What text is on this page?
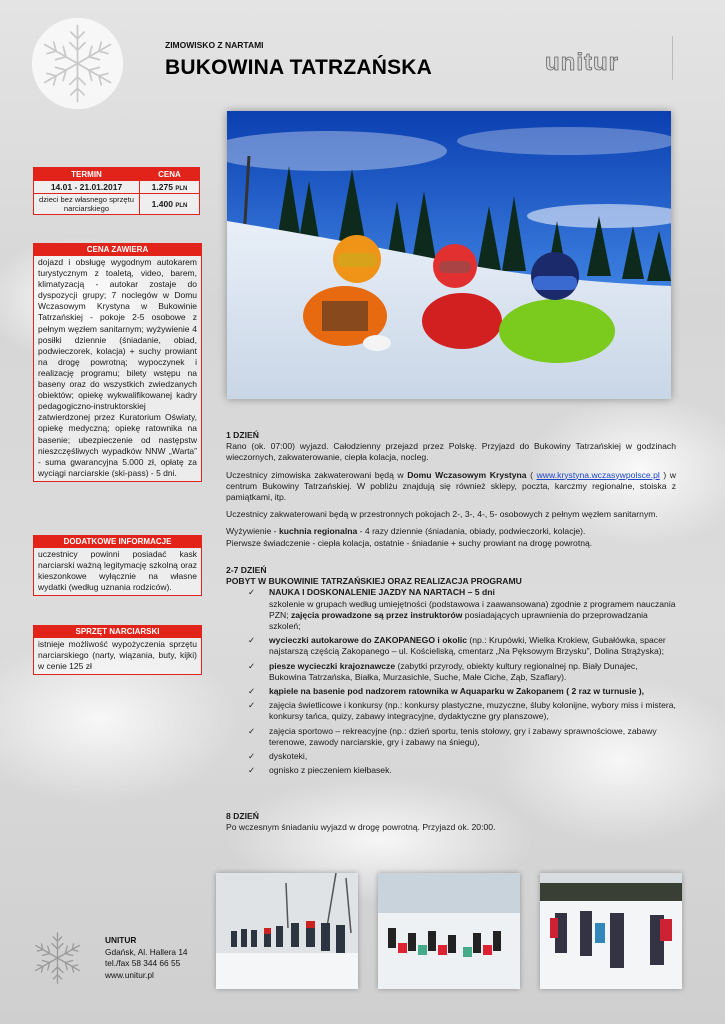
ZIMOWISKO Z NARTAMI
BUKOWINA TATRZAŃSKA	unitur
TERMIN	CENA
14.01 - 21.01.2017	1.275 PLN
dzieci bez własnego sprzętu narciarskiego	1.400 PLN
CENA ZAWIERA
dojazd i obsługę wygodnym autokarem turystycznym z toaletą, video, barem, klimatyzacją - autokar zostaje do dyspozycji grupy; 7 noclegów w Domu Wczasowym Krystyna w Bukowinie Tatrzańskiej - pokoje 2-5 osobowe z pełnym węzłem sanitarnym; wyżywienie 4 posiłki dziennie (śniadanie, obiad, podwieczorek, kolacja) + suchy prowiant na drogę powrotną; wypoczynek i realizację programu; bilety wstępu na baseny oraz do wszystkich zwiedzanych obiektów; opiekę wykwalifikowanej kadry pedagogiczno-instruktorskiej zatwierdzonej przez Kuratorium Oświaty, opiekę medyczną; opiekę ratownika na basenie; ubezpieczenie od następstw nieszczęśliwych wypadków NNW „Warta” - suma gwarancyjna 5.000 zł, opłatę za wyciągi narciarskie (ski-pass) - 5 dni.
DODATKOWE INFORMACJE
uczestnicy powinni posiadać kask narciarski ważną legitymację szkolną oraz kieszonkowe wyłącznie na własne wydatki (według uznania rodziców).
SPRZĘT NARCIARSKI
istnieje możliwość wypożyczenia sprzętu narciarskiego (narty, wiązania, buty, kijki) w cenie 125 zł
1 DZIEŃ

Rano (ok. 07:00) wyjazd. Całodzienny przejazd przez Polskę. Przyjazd do Bukowiny Tatrzańskiej w godzinach wieczornych, zakwaterowanie, ciepła kolacja, nocleg.

Uczestnicy zimowiska zakwaterowani będą w Domu Wczasowym Krystyna ( www.krystyna.wczasywpolsce.pl ) w centrum Bukowiny Tatrzańskiej. W pobliżu znajdują się również sklepy, poczta, karczmy regionalne, stoiska z pamiątkami, itp.

Uczestnicy zakwaterowani będą w przestronnych pokojach 2-, 3-, 4-, 5- osobowych z pełnym węzłem sanitarnym.

Wyżywienie - kuchnia regionalna - 4 razy dziennie (śniadania, obiady, podwieczorki, kolacje).

Pierwsze świadczenie - ciepła kolacja, ostatnie - śniadanie + suchy prowiant na drogę powrotną.

2-7 DZIEŃ
POBYT W BUKOWINIE TATRZAŃSKIEJ ORAZ REALIZACJA PROGRAMU
✓ NAUKA I DOSKONALENIE JAZDY NA NARTACH – 5 dni
szkolenie w grupach według umiejętności (podstawowa i zaawansowana) zgodnie z programem nauczania PZN; zajęcia prowadzone są przez instruktorów posiadających uprawnienia do przeprowadzania szkoleń;
✓ wycieczki autokarowe do ZAKOPANEGO i okolic (np.: Krupówki, Wielka Krokiew, Gubałówka, spacer najstarszą częścią Zakopanego – ul. Kościeliską, cmentarz „Na Pęksowym Brzysku”, Dolina Strążyska);
✓ piesze wycieczki krajoznawcze (zabytki przyrody, obiekty kultury regionalnej np. Biały Dunajec, Bukowina Tatrzańska, Białka, Murzasichle, Suche, Małe Ciche, Ząb, Szaflary).
✓ kąpiele na basenie pod nadzorem ratownika w Aquaparku w Zakopanem ( 2 raz w turnusie ),
✓ zajęcia świetlicowe i konkursy (np.: konkursy plastyczne, muzyczne, śluby kolonijne, wybory miss i mistera, konkursy tańca, quizy, zabawy integracyjne, dydaktyczne gry planszowe),
✓ zajęcia sportowo – rekreacyjne (np.: dzień sportu, tenis stołowy, gry i zabawy sprawnościowe, zabawy terenowe, zawody narciarskie, gry i zabawy na śniegu),
✓ dyskoteki,
✓ ognisko z pieczeniem kiełbasek.
8 DZIEŃ

Po wczesnym śniadaniu wyjazd w drogę powrotną. Przyjazd ok. 20:00.

UNITUR
Gdańsk, Al. Hallera 14
tel./fax 58 344 66 55
www.unitur.pl
